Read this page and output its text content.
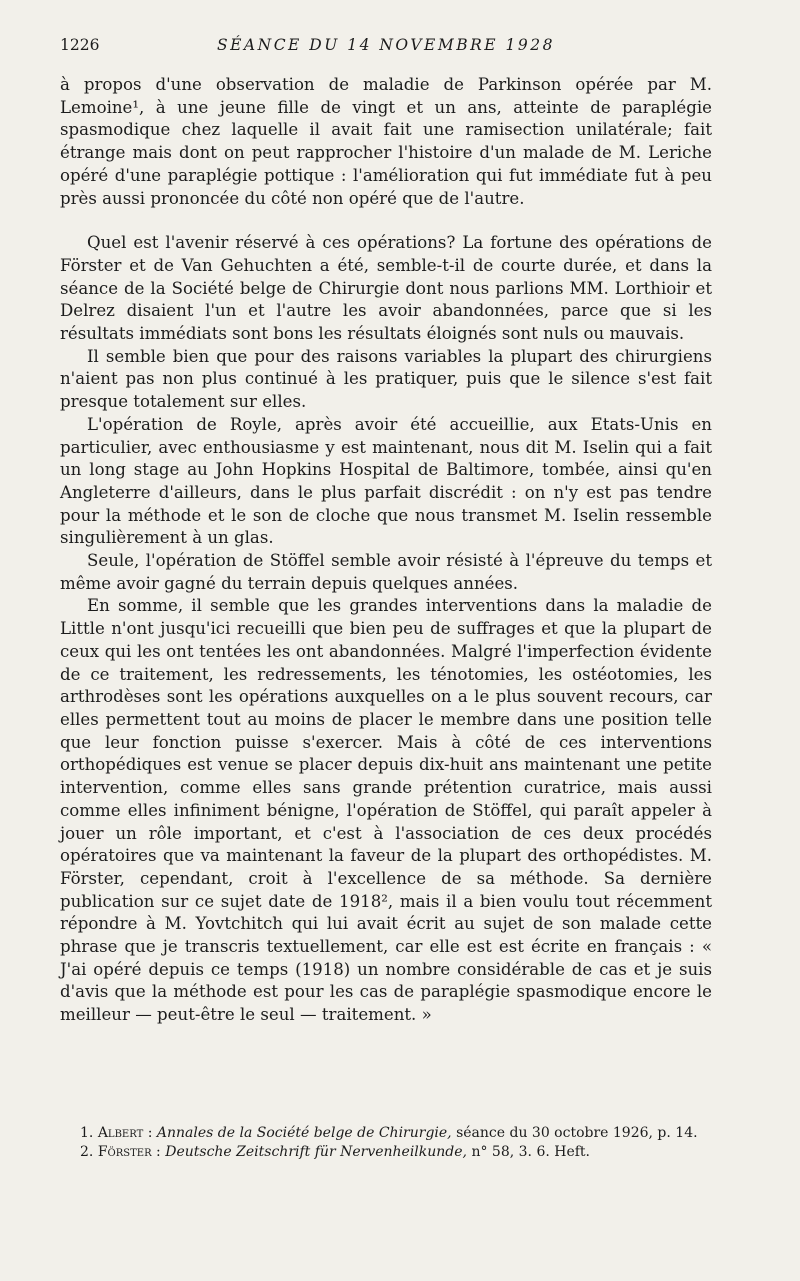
1226	SÉANCE DU 14 NOVEMBRE 1928

à propos d'une observation de maladie de Parkinson opérée par M. Lemoine¹, à une jeune fille de vingt et un ans, atteinte de paraplégie spasmodique chez laquelle il avait fait une ramisection unilatérale; fait étrange mais dont on peut rapprocher l'histoire d'un malade de M. Leriche opéré d'une paraplégie pottique : l'amélioration qui fut immédiate fut à peu près aussi prononcée du côté non opéré que de l'autre.

Quel est l'avenir réservé à ces opérations? La fortune des opérations de Förster et de Van Gehuchten a été, semble-t-il de courte durée, et dans la séance de la Société belge de Chirurgie dont nous parlions MM. Lorthioir et Delrez disaient l'un et l'autre les avoir abandonnées, parce que si les résultats immédiats sont bons les résultats éloignés sont nuls ou mauvais.

Il semble bien que pour des raisons variables la plupart des chirurgiens n'aient pas non plus continué à les pratiquer, puis que le silence s'est fait presque totalement sur elles.

L'opération de Royle, après avoir été accueillie, aux Etats-Unis en particulier, avec enthousiasme y est maintenant, nous dit M. Iselin qui a fait un long stage au John Hopkins Hospital de Baltimore, tombée, ainsi qu'en Angleterre d'ailleurs, dans le plus parfait discrédit : on n'y est pas tendre pour la méthode et le son de cloche que nous transmet M. Iselin ressemble singulièrement à un glas.

Seule, l'opération de Stöffel semble avoir résisté à l'épreuve du temps et même avoir gagné du terrain depuis quelques années.

En somme, il semble que les grandes interventions dans la maladie de Little n'ont jusqu'ici recueilli que bien peu de suffrages et que la plupart de ceux qui les ont tentées les ont abandonnées. Malgré l'imperfection évidente de ce traitement, les redressements, les ténotomies, les ostéotomies, les arthrodèses sont les opérations auxquelles on a le plus souvent recours, car elles permettent tout au moins de placer le membre dans une position telle que leur fonction puisse s'exercer. Mais à côté de ces interventions orthopédiques est venue se placer depuis dix-huit ans maintenant une petite intervention, comme elles sans grande prétention curatrice, mais aussi comme elles infiniment bénigne, l'opération de Stöffel, qui paraît appeler à jouer un rôle important, et c'est à l'association de ces deux procédés opératoires que va maintenant la faveur de la plupart des orthopédistes. M. Förster, cependant, croit à l'excellence de sa méthode. Sa dernière publication sur ce sujet date de 1918², mais il a bien voulu tout récemment répondre à M. Yovtchitch qui lui avait écrit au sujet de son malade cette phrase que je transcris textuellement, car elle est est écrite en français : « J'ai opéré depuis ce temps (1918) un nombre considérable de cas et je suis d'avis que la méthode est pour les cas de paraplégie spasmodique encore le meilleur — peut-être le seul — traitement. »

1. Albert : Annales de la Société belge de Chirurgie, séance du 30 octobre 1926, p. 14.

2. Förster : Deutsche Zeitschrift für Nervenheilkunde, n° 58, 3. 6. Heft.
